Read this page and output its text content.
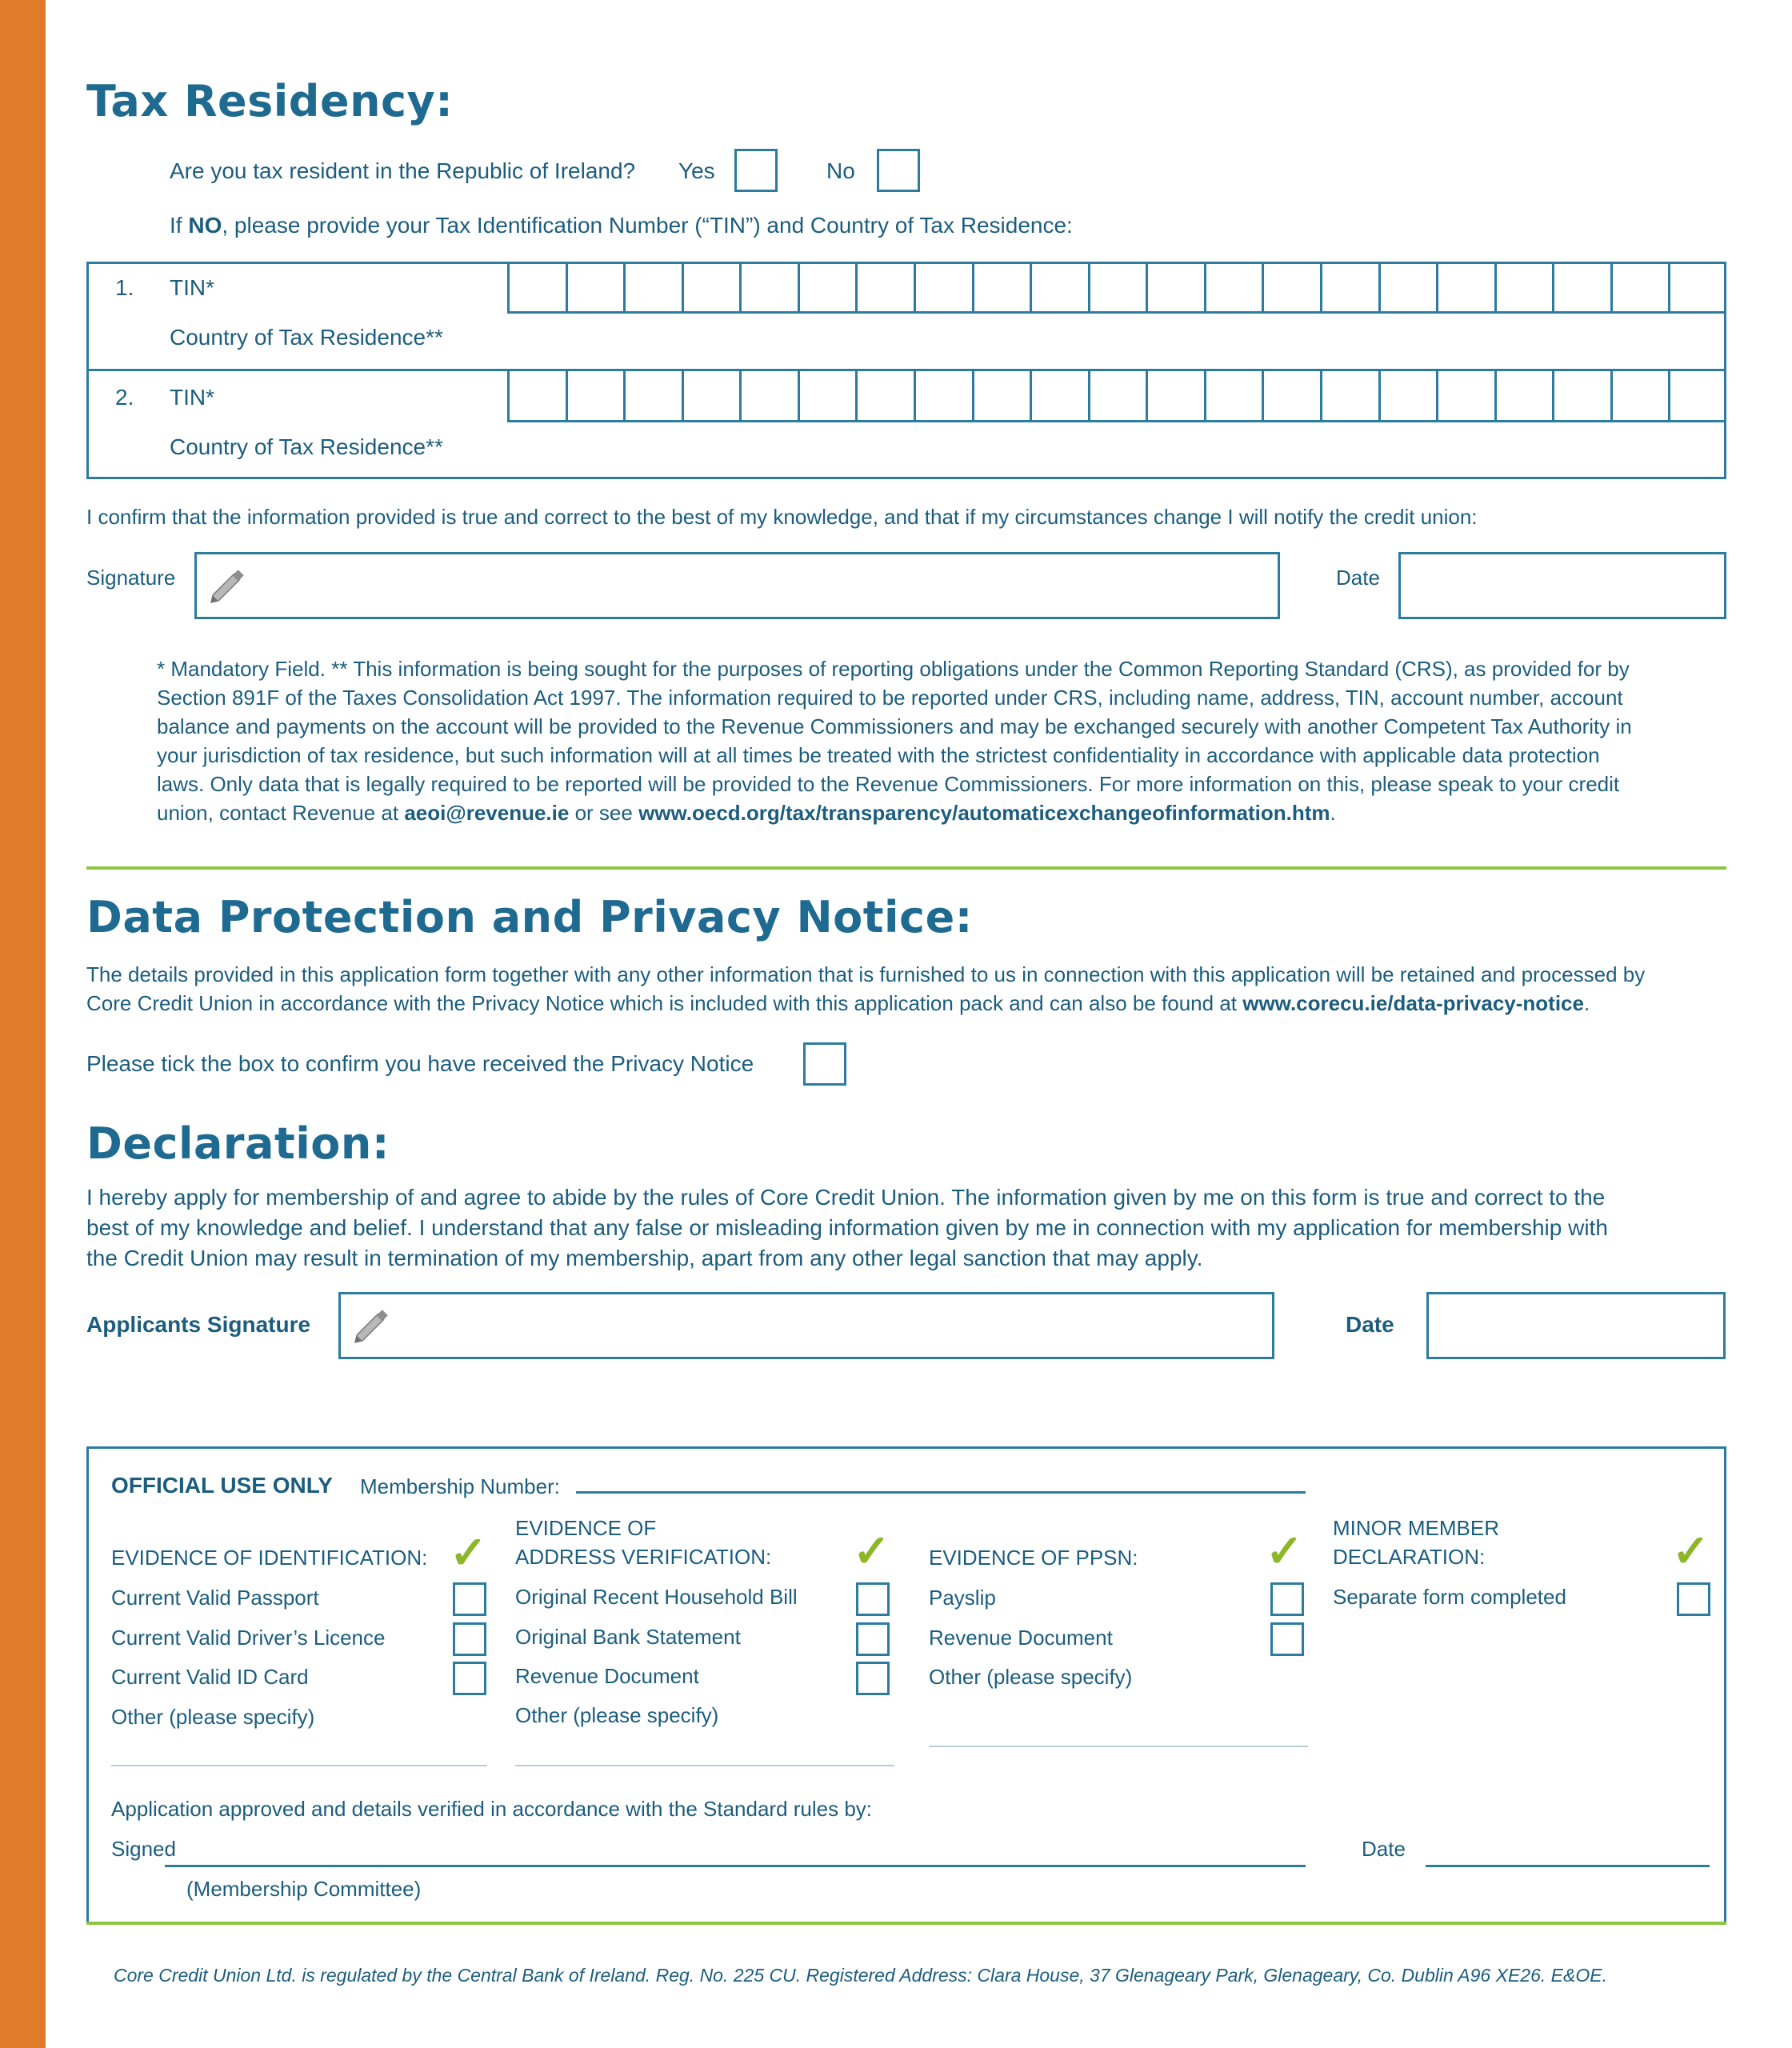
Tax Residency:
Are you tax resident in the Republic of Ireland? Yes	No
If NO, please provide your Tax Identification Number (“TIN”) and Country of Tax Residence:
1. TIN*
Country of Tax Residence**
2. TIN*
Country of Tax Residence**
I confirm that the information provided is true and correct to the best of my knowledge, and that if my circumstances change I will notify the credit union:
Signature	Date
* Mandatory Field. ** This information is being sought for the purposes of reporting obligations under the Common Reporting Standard (CRS), as provided for by
Section 891F of the Taxes Consolidation Act 1997. The information required to be reported under CRS, including name, address, TIN, account number, account
balance and payments on the account will be provided to the Revenue Commissioners and may be exchanged securely with another Competent Tax Authority in
your jurisdiction of tax residence, but such information will at all times be treated with the strictest confidentiality in accordance with applicable data protection
laws. Only data that is legally required to be reported will be provided to the Revenue Commissioners. For more information on this, please speak to your credit
union, contact Revenue at aeoi@revenue.ie or see www.oecd.org/tax/transparency/automaticexchangeofinformation.htm.
Data Protection and Privacy Notice:
The details provided in this application form together with any other information that is furnished to us in connection with this application will be retained and processed by
Core Credit Union in accordance with the Privacy Notice which is included with this application pack and can also be found at www.corecu.ie/data-privacy-notice.
Please tick the box to confirm you have received the Privacy Notice
Declaration:
I hereby apply for membership of and agree to abide by the rules of Core Credit Union. The information given by me on this form is true and correct to the
best of my knowledge and belief. I understand that any false or misleading information given by me in connection with my application for membership with
the Credit Union may result in termination of my membership, apart from any other legal sanction that may apply.
Applicants Signature	Date
OFFICIAL USE ONLY Membership Number:
EVIDENCE OF IDENTIFICATION: ✓
Current Valid Passport
Current Valid Driver’s Licence
Current Valid ID Card
Other (please specify)
EVIDENCE OF
ADDRESS VERIFICATION: ✓
Original Recent Household Bill
Original Bank Statement
Revenue Document
Other (please specify)
EVIDENCE OF PPSN:	✓
Payslip
Revenue Document
Other (please specify)
MINOR MEMBER
DECLARATION:	✓
Separate form completed
Application approved and details verified in accordance with the Standard rules by:
Signed
(Membership Committee)
Date
Core Credit Union Ltd. is regulated by the Central Bank of Ireland. Reg. No. 225 CU. Registered Address: Clara House, 37 Glenageary Park, Glenageary, Co. Dublin A96 XE26. E&OE.
